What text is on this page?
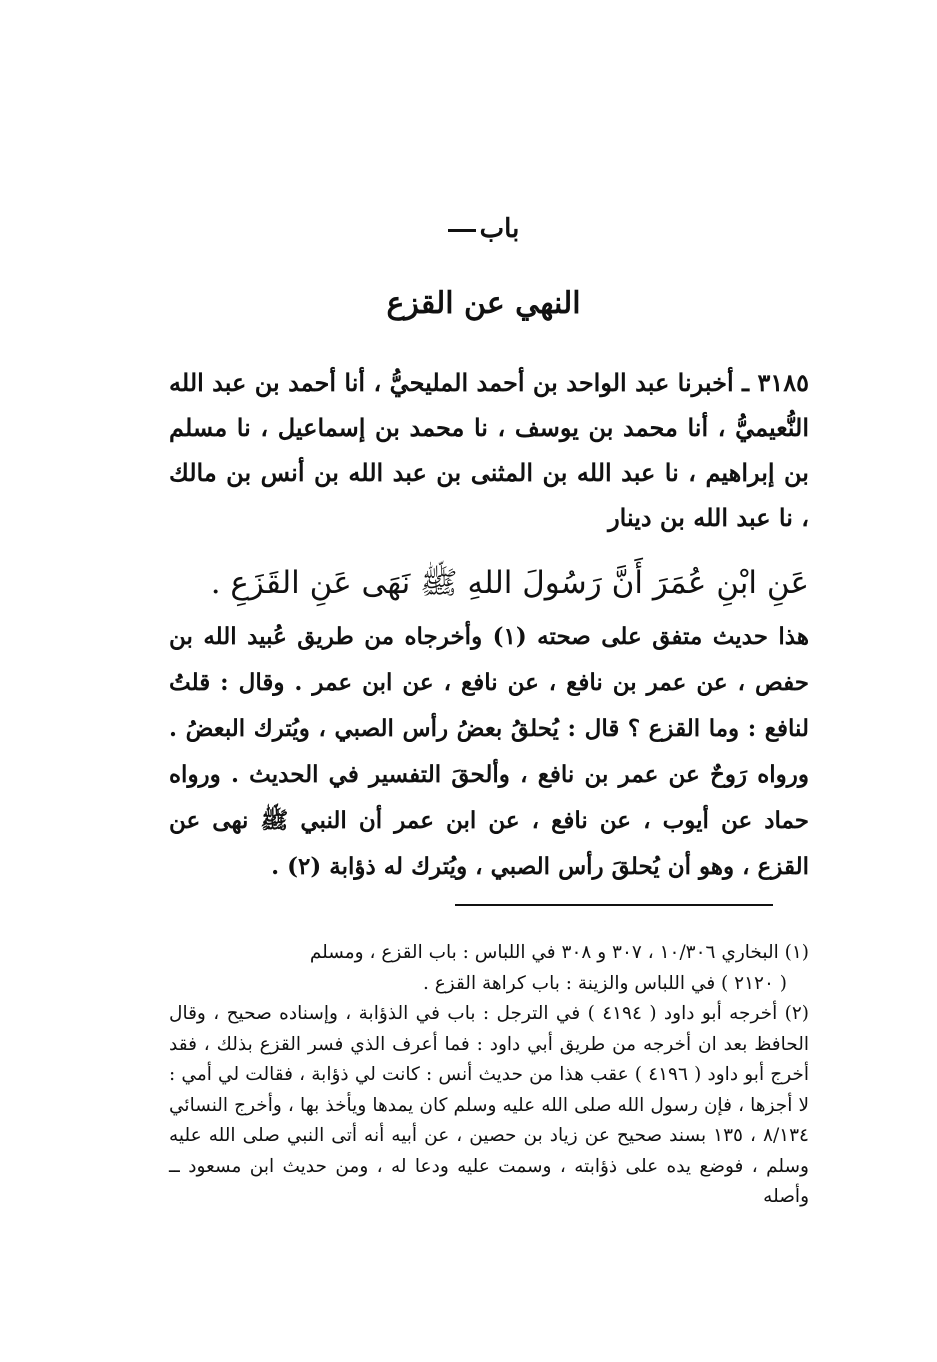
باب
النهي عن القزع
٣١٨٥ ـ أخبرنا عبد الواحد بن أحمد المليحيُّ ، أنا أحمد بن عبد الله النُّعيميُّ ، أنا محمد بن يوسف ، نا محمد بن إسماعيل ، نا مسلم بن إبراهيم ، نا عبد الله بن المثنى بن عبد الله بن أنس بن مالك ، نا عبد الله بن دينار
عَنِ ابْنِ عُمَرَ أَنَّ رَسُولَ اللهِ ﷺ نَهَى عَنِ القَزَعِ .
هذا حديث متفق على صحته (١) وأخرجاه من طريق عُبيد الله بن حفص ، عن عمر بن نافع ، عن نافع ، عن ابن عمر . وقال : قلتُ لنافع : وما القزع ؟ قال : يُحلقُ بعضُ رأس الصبي ، ويُترك البعضُ . ورواه رَوحٌ عن عمر بن نافع ، وألحقَ التفسير في الحديث . ورواه حماد عن أيوب ، عن نافع ، عن ابن عمر أن النبي ﷺ نهى عن القزع ، وهو أن يُحلقَ رأس الصبي ، ويُترك له ذؤابة (٢) .

(١) البخاري ١٠/٣٠٦ ، ٣٠٧ و ٣٠٨ في اللباس : باب القزع ، ومسلم
( ٢١٢٠ ) في اللباس والزينة : باب كراهة القزع .

(٢) أخرجه أبو داود ( ٤١٩٤ ) في الترجل : باب في الذؤابة ، وإسناده صحيح ، وقال الحافظ بعد ان أخرجه من طريق أبي داود : فما أعرف الذي فسر القزع بذلك ، فقد أخرج أبو داود ( ٤١٩٦ ) عقب هذا من حديث أنس : كانت لي ذؤابة ، فقالت لي أمي : لا أجزها ، فإن رسول الله صلى الله عليه وسلم كان يمدها ويأخذ بها ، وأخرج النسائي ٨/١٣٤ ، ١٣٥ بسند صحيح عن زياد بن حصين ، عن أبيه أنه أتى النبي صلى الله عليه وسلم ، فوضع يده على ذؤابته ، وسمت عليه ودعا له ، ومن حديث ابن مسعود ــ وأصله
